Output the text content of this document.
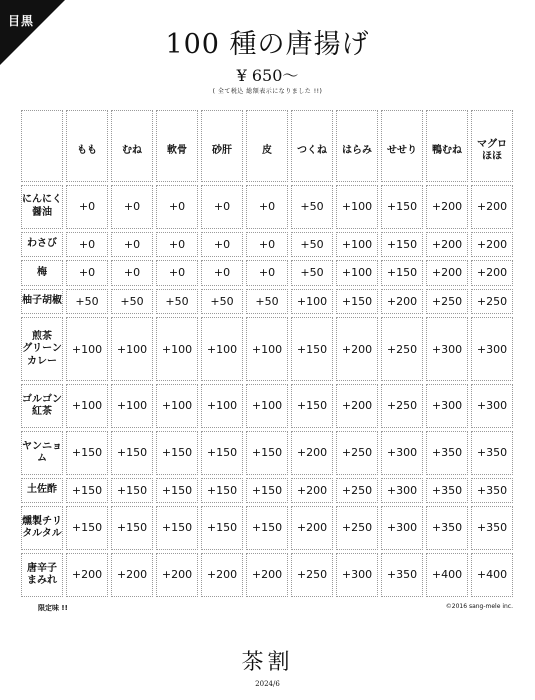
目黒
100 種の唐揚げ
¥ 650〜
( 全て税込 総額表示になりました !!)
	もも	むね	軟骨	砂肝	皮	つくね	はらみ	せせり	鴨むね	マグロ
ほほ
にんにく
醤油	+0	+0	+0	+0	+0	+50	+100	+150	+200	+200
わさび	+0	+0	+0	+0	+0	+50	+100	+150	+200	+200
梅	+0	+0	+0	+0	+0	+50	+100	+150	+200	+200
柚子胡椒	+50	+50	+50	+50	+50	+100	+150	+200	+250	+250
煎茶
グリーン
カレー	+100	+100	+100	+100	+100	+150	+200	+250	+300	+300
ゴルゴン
紅茶	+100	+100	+100	+100	+100	+150	+200	+250	+300	+300
ヤンニョム	+150	+150	+150	+150	+150	+200	+250	+300	+350	+350
土佐酢	+150	+150	+150	+150	+150	+200	+250	+300	+350	+350
燻製チリ
タルタル	+150	+150	+150	+150	+150	+200	+250	+300	+350	+350
唐辛子
まみれ	+200	+200	+200	+200	+200	+250	+300	+350	+400	+400
限定味 !!	©2016 sang-mele inc.
茶割
2024/6
